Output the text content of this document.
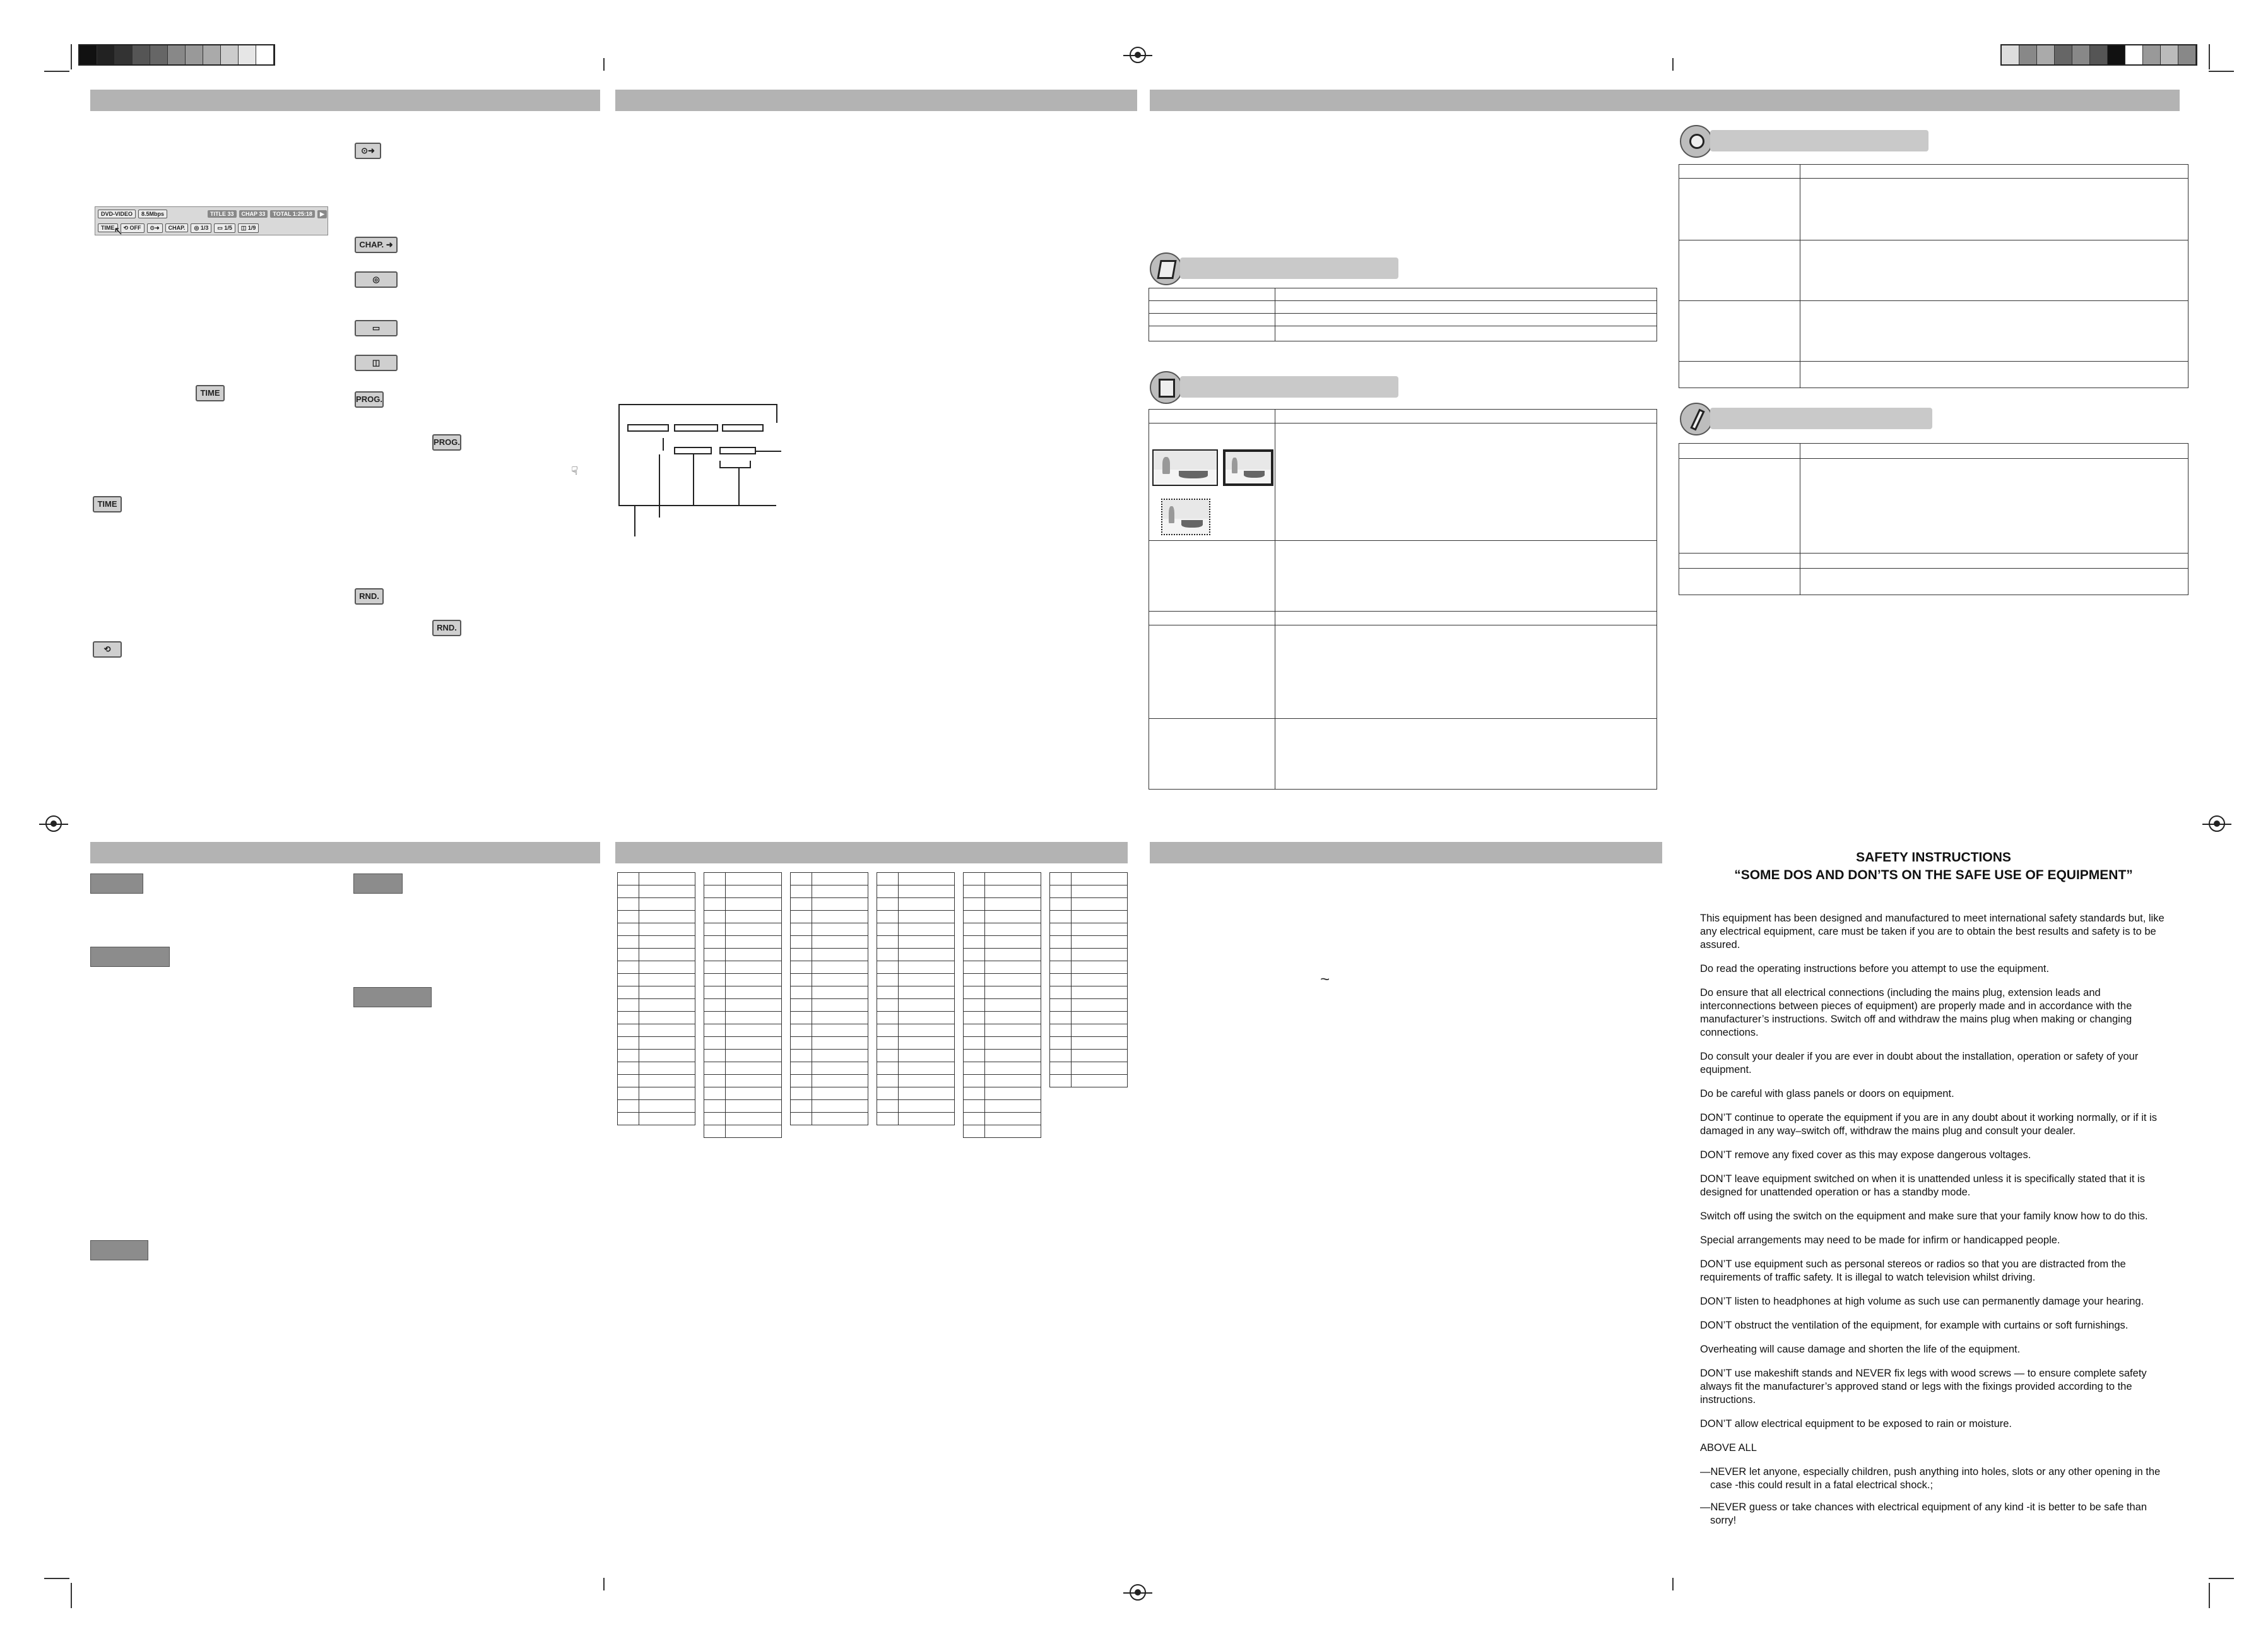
⊙➜
DVD-VIDEO	8.5Mbps	TITLE 33	CHAP 33	TOTAL 1:25:18	▶
TIME	⟲ OFF	⊙➜	CHAP.	◎ 1/3	▭ 1/5	◫ 1/9
↖
CHAP. ➜
◎
▭
◫
PROG.
PROG.
☟
TIME
TIME
RND.
RND.
⟲

~
SAFETY INSTRUCTIONS
“SOME DOS AND DON’TS ON THE SAFE USE OF EQUIPMENT”

This equipment has been designed and manufactured to meet international safety standards but, like any electrical equipment, care must be taken if you are to obtain the best results and safety is to be assured.

Do read the operating instructions before you attempt to use the equipment.

Do ensure that all electrical connections (including the mains plug, extension leads and interconnections between pieces of equipment) are properly made and in accordance with the manufacturer’s instructions. Switch off and withdraw the mains plug when making or changing connections.

Do consult your dealer if you are ever in doubt about the installation, operation or safety of your equipment.

Do be careful with glass panels or doors on equipment.

DON’T continue to operate the equipment if you are in any doubt about it working normally, or if it is damaged in any way–switch off, withdraw the mains plug and consult your dealer.

DON’T remove any fixed cover as this may expose dangerous voltages.

DON’T leave equipment switched on when it is unattended unless it is specifically stated that it is designed for unattended operation or has a standby mode.

Switch off using the switch on the equipment and make sure that your family know how to do this.

Special arrangements may need to be made for infirm or handicapped people.

DON’T use equipment such as personal stereos or radios so that you are distracted from the requirements of traffic safety. It is illegal to watch television whilst driving.

DON’T listen to headphones at high volume as such use can permanently damage your hearing.

DON’T obstruct the ventilation of the equipment, for example with curtains or soft furnishings.

Overheating will cause damage and shorten the life of the equipment.

DON’T use makeshift stands and NEVER fix legs with wood screws — to ensure complete safety always fit the manufacturer’s approved stand or legs with the fixings provided according to the instructions.

DON’T allow electrical equipment to be exposed to rain or moisture.

ABOVE ALL

—NEVER let anyone, especially children, push anything into holes, slots or any other opening in the case -this could result in a fatal electrical shock.;

—NEVER guess or take chances with electrical equipment of any kind -it is better to be safe than sorry!
